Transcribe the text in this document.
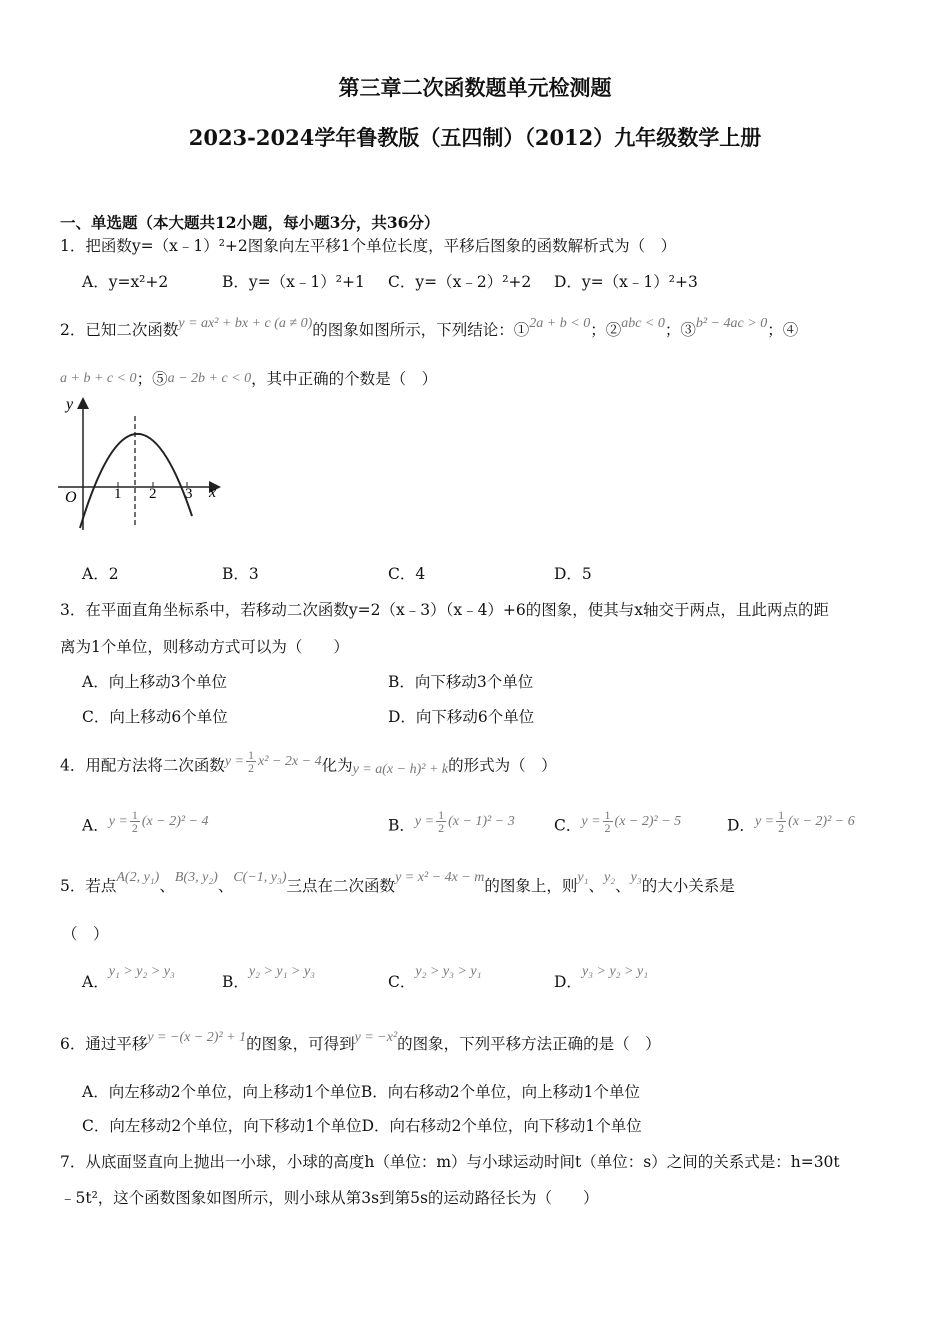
第三章二次函数题单元检测题
2023-2024学年鲁教版（五四制）（2012）九年级数学上册
一、单选题（本大题共12小题，每小题3分，共36分）
1．把函数y=（x﹣1）²+2图象向左平移1个单位长度，平移后图象的函数解析式为（　）
A．y=x²+2	B．y=（x﹣1）²+1 C．y=（x﹣2）²+2 D．y=（x﹣1）²+3
2．已知二次函数y = ax² + bx + c (a ≠ 0)的图象如图所示，下列结论：①2a + b < 0；②abc < 0；③b² − 4ac > 0；④
a + b + c < 0；⑤a − 2b + c < 0，其中正确的个数是（　）
y
x
O 1 2 3
A．2	B．3	C．4	D．5
3．在平面直角坐标系中，若移动二次函数y=2（x﹣3）（x﹣4）+6的图象，使其与x轴交于两点，且此两点的距
离为1个单位，则移动方式可以为（　　）
A．向上移动3个单位	B．向下移动3个单位
C．向上移动6个单位	D．向下移动6个单位
4．用配方法将二次函数$y = \frac{1}{2} x^2 - 2x - 4$化为y = a(x − h)² + k的形式为（　）
A．$y = \frac{1}{2} (x - 2)^2 - 4$	B．$y = \frac{1}{2} (x - 1)^2 - 3$	C．$y = \frac{1}{2} (x - 2)^2 - 5$	D．$y = \frac{1}{2} (x - 2)^2 - 6$
5．若点A(2, y₁)、B(3, y₂)、C(−1, y₃)三点在二次函数y = x² − 4x − m的图象上，则y₁、y₂、y₃的大小关系是
（　）
A．y₁ > y₂ > y₃
B．y₂ > y₁ > y₃
C．y₂ > y₃ > y₁
D．y₃ > y₂ > y₁
6．通过平移y = −(x − 2)² + 1的图象，可得到y = −x²的图象，下列平移方法正确的是（　）
A．向左移动2个单位，向上移动1个单位B．向右移动2个单位，向上移动1个单位
C．向左移动2个单位，向下移动1个单位D．向右移动2个单位，向下移动1个单位
7．从底面竖直向上抛出一小球，小球的高度h（单位：m）与小球运动时间t（单位：s）之间的关系式是：h=30t
﹣5t²，这个函数图象如图所示，则小球从第3s到第5s的运动路径长为（　　）
